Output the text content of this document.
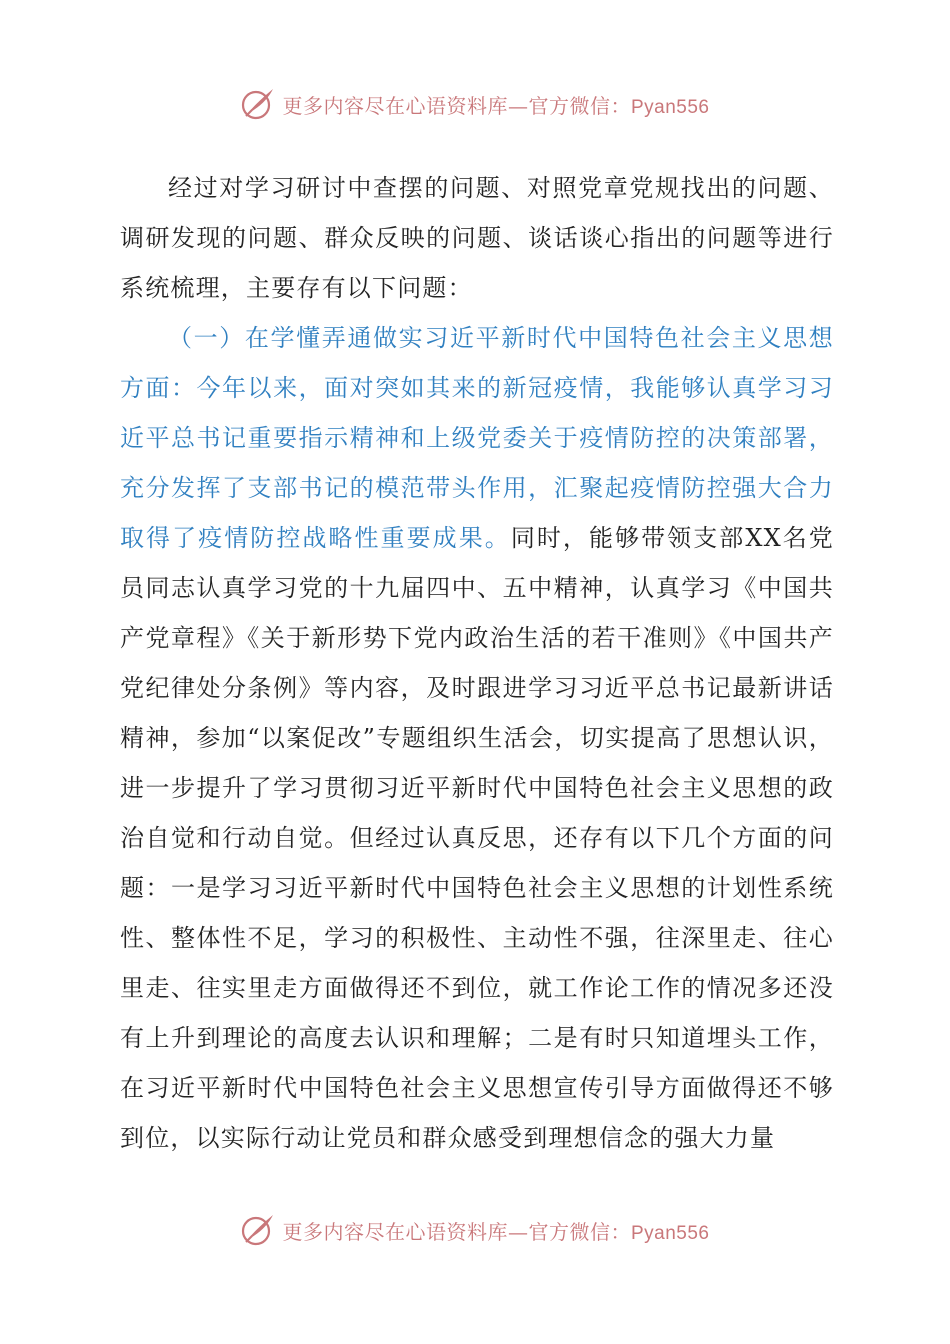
更多内容尽在心语资料库—官方微信：Pyan556

经过对学习研讨中查摆的问题、对照党章党规找出的问题、调研发现的问题、群众反映的问题、谈话谈心指出的问题等进行系统梳理，主要存有以下问题：

（一）在学懂弄通做实习近平新时代中国特色社会主义思想方面：今年以来，面对突如其来的新冠疫情，我能够认真学习习近平总书记重要指示精神和上级党委关于疫情防控的决策部署，充分发挥了支部书记的模范带头作用，汇聚起疫情防控强大合力取得了疫情防控战略性重要成果。同时，能够带领支部XX名党员同志认真学习党的十九届四中、五中精神，认真学习《中国共产党章程》《关于新形势下党内政治生活的若干准则》《中国共产党纪律处分条例》等内容，及时跟进学习习近平总书记最新讲话精神，参加“以案促改”专题组织生活会，切实提高了思想认识，进一步提升了学习贯彻习近平新时代中国特色社会主义思想的政治自觉和行动自觉。但经过认真反思，还存有以下几个方面的问题：一是学习习近平新时代中国特色社会主义思想的计划性系统性、整体性不足，学习的积极性、主动性不强，往深里走、往心里走、往实里走方面做得还不到位，就工作论工作的情况多还没有上升到理论的高度去认识和理解；二是有时只知道埋头工作，在习近平新时代中国特色社会主义思想宣传引导方面做得还不够到位，以实际行动让党员和群众感受到理想信念的强大力量

更多内容尽在心语资料库—官方微信：Pyan556
